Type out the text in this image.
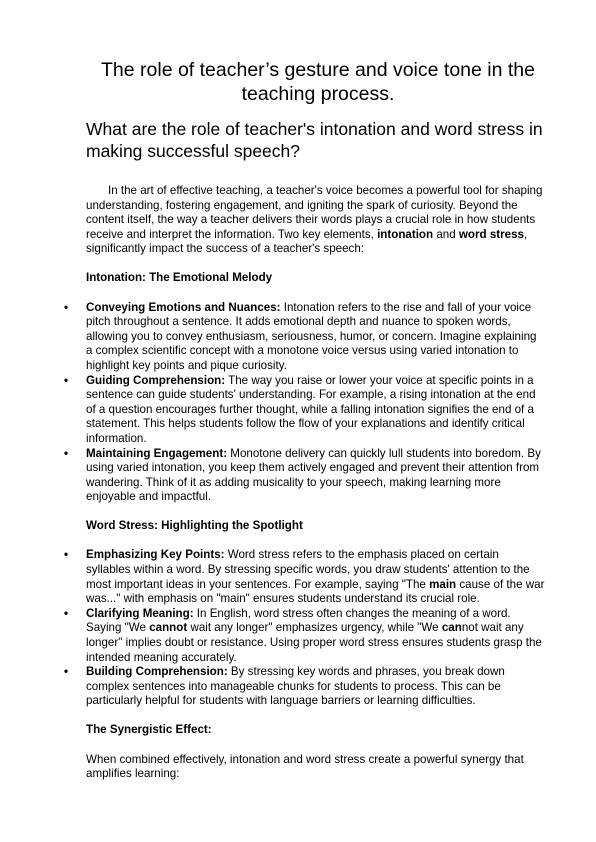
The role of teacher’s gesture and voice tone in the teaching process.
What are the role of teacher's intonation and word stress in making successful speech?

In the art of effective teaching, a teacher's voice becomes a powerful tool for shaping understanding, fostering engagement, and igniting the spark of curiosity. Beyond the content itself, the way a teacher delivers their words plays a crucial role in how students receive and interpret the information. Two key elements, intonation and word stress, significantly impact the success of a teacher's speech:

Intonation: The Emotional Melody

• Conveying Emotions and Nuances: Intonation refers to the rise and fall of your voice pitch throughout a sentence. It adds emotional depth and nuance to spoken words, allowing you to convey enthusiasm, seriousness, humor, or concern. Imagine explaining a complex scientific concept with a monotone voice versus using varied intonation to highlight key points and pique curiosity.
• Guiding Comprehension: The way you raise or lower your voice at specific points in a sentence can guide students' understanding. For example, a rising intonation at the end of a question encourages further thought, while a falling intonation signifies the end of a statement. This helps students follow the flow of your explanations and identify critical information.
• Maintaining Engagement: Monotone delivery can quickly lull students into boredom. By using varied intonation, you keep them actively engaged and prevent their attention from wandering. Think of it as adding musicality to your speech, making learning more enjoyable and impactful.

Word Stress: Highlighting the Spotlight

• Emphasizing Key Points: Word stress refers to the emphasis placed on certain syllables within a word. By stressing specific words, you draw students' attention to the most important ideas in your sentences. For example, saying "The main cause of the war was..." with emphasis on "main" ensures students understand its crucial role.
• Clarifying Meaning: In English, word stress often changes the meaning of a word. Saying "We cannot wait any longer" emphasizes urgency, while "We cannot wait any longer" implies doubt or resistance. Using proper word stress ensures students grasp the intended meaning accurately.
• Building Comprehension: By stressing key words and phrases, you break down complex sentences into manageable chunks for students to process. This can be particularly helpful for students with language barriers or learning difficulties.

The Synergistic Effect:

When combined effectively, intonation and word stress create a powerful synergy that amplifies learning:
